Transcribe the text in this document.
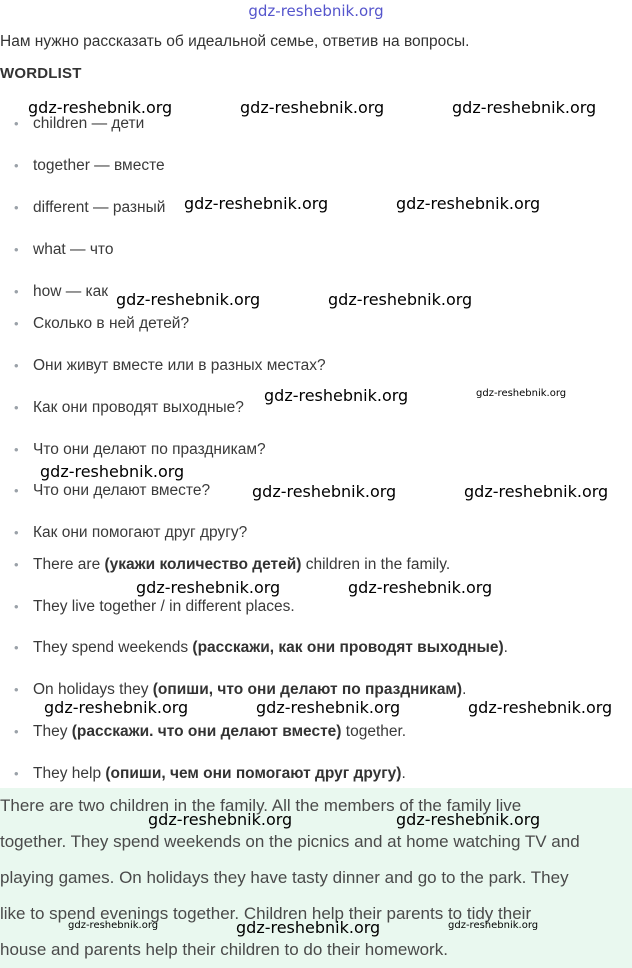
gdz-reshebnik.org
Нам нужно рассказать об идеальной семье, ответив на вопросы.
WORDLIST
• children — дети
• together — вместе
• different — разный
• what — что
• how — как
• Сколько в ней детей?
• Они живут вместе или в разных местах?
• Как они проводят выходные?
• Что они делают по праздникам?
• Что они делают вместе?
• Как они помогают друг другу?
• There are (укажи количество детей) children in the family.
• They live together / in different places.
• They spend weekends (расскажи, как они проводят выходные).
• On holidays they (опиши, что они делают по праздникам).
• They (расскажи. что они делают вместе) together.
• They help (опиши, чем они помогают друг другу).
There are two children in the family. All the members of the family live
together. They spend weekends on the picnics and at home watching TV and
playing games. On holidays they have tasty dinner and go to the park. They
like to spend evenings together. Children help their parents to tidy their
house and parents help their children to do their homework.
gdz-reshebnik.org	gdz-reshebnik.org	gdz-reshebnik.org
gdz-reshebnik.org	gdz-reshebnik.org
gdz-reshebnik.org	gdz-reshebnik.org
gdz-reshebnik.org	gdz-reshebnik.org
gdz-reshebnik.org
gdz-reshebnik.org	gdz-reshebnik.org
gdz-reshebnik.org	gdz-reshebnik.org
gdz-reshebnik.org	gdz-reshebnik.org	gdz-reshebnik.org
gdz-reshebnik.org	gdz-reshebnik.org
gdz-reshebnik.org	gdz-reshebnik.org	gdz-reshebnik.org
